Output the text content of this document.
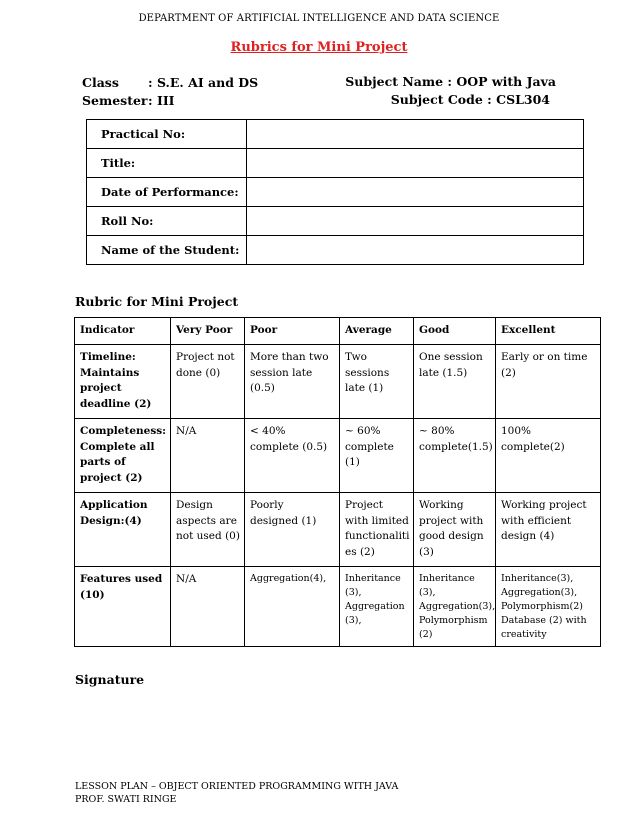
DEPARTMENT OF ARTIFICIAL INTELLIGENCE AND DATA SCIENCE
Rubrics for Mini Project
Class	: S.E. AI and DS
Semester : III
Subject Name : OOP with Java
Subject Code : CSL304
Practical No:	
Title:	
Date of Performance:	
Roll No:	
Name of the Student:	
Rubric for Mini Project
Indicator	Very Poor	Poor	Average	Good	Excellent
Timeline: Maintains project deadline (2)	Project not done (0)	More than two session late (0.5)	Two sessions late (1)	One session late (1.5)	Early or on time (2)
Completeness: Complete all parts of project (2)	N/A	< 40% complete (0.5)	~ 60% complete (1)	~ 80% complete(1.5)	100% complete(2)
Application Design:(4)	Design aspects are not used (0)	Poorly designed (1)	Project with limited functionaliti es (2)	Working project with good design (3)	Working project with efficient design (4)
Features used (10)	N/A	Aggregation(4),	Inheritance (3), Aggregation (3),	Inheritance (3), Aggregation(3), Polymorphism (2)	Inheritance(3), Aggregation(3), Polymorphism(2) Database (2) with creativity
Signature
LESSON PLAN – OBJECT ORIENTED PROGRAMMING WITH JAVA
PROF. SWATI RINGE
